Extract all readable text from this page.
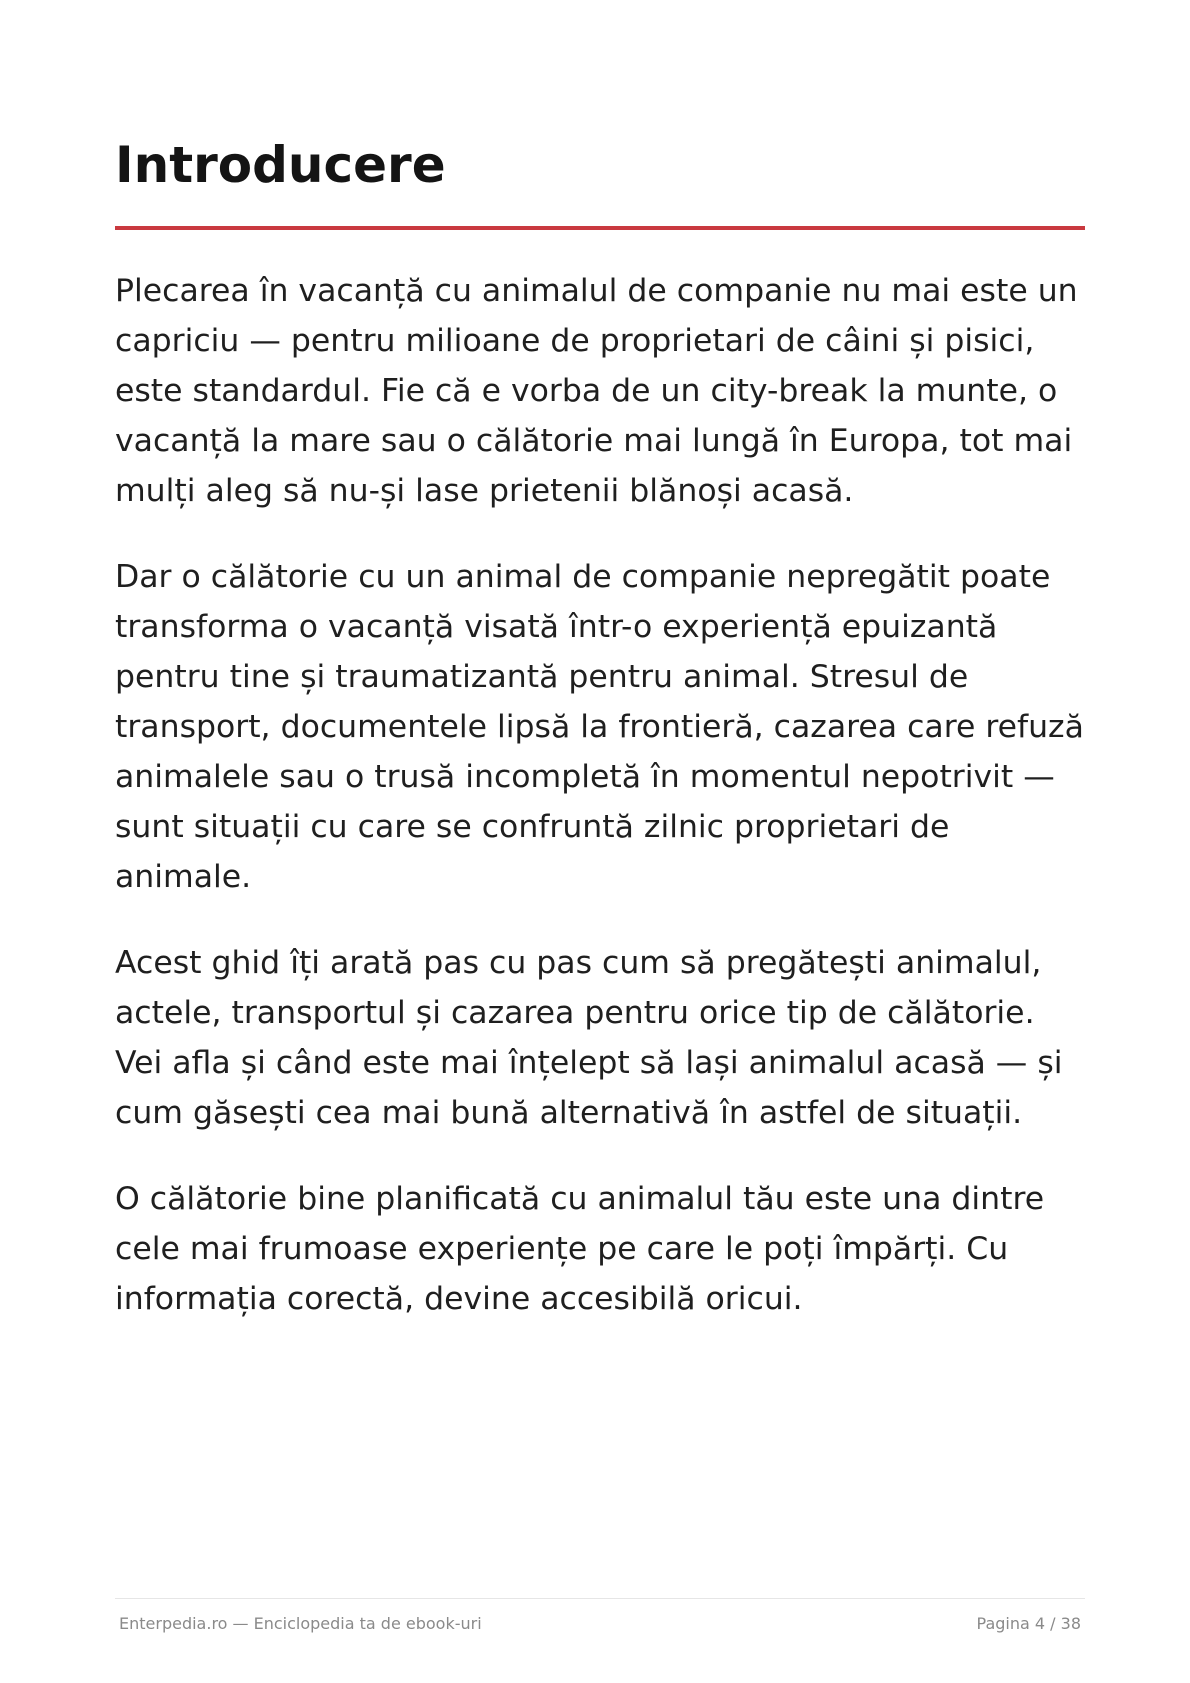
Introducere

Plecarea în vacanță cu animalul de companie nu mai este un capriciu — pentru milioane de proprietari de câini și pisici, este standardul. Fie că e vorba de un city-break la munte, o vacanță la mare sau o călătorie mai lungă în Europa, tot mai mulți aleg să nu-și lase prietenii blănoși acasă.

Dar o călătorie cu un animal de companie nepregătit poate transforma o vacanță visată într-o experiență epuizantă pentru tine și traumatizantă pentru animal. Stresul de transport, documentele lipsă la frontieră, cazarea care refuză animalele sau o trusă incompletă în momentul nepotrivit — sunt situații cu care se confruntă zilnic proprietari de animale.

Acest ghid îți arată pas cu pas cum să pregătești animalul, actele, transportul și cazarea pentru orice tip de călătorie. Vei afla și când este mai înțelept să lași animalul acasă — și cum găsești cea mai bună alternativă în astfel de situații.

O călătorie bine planificată cu animalul tău este una dintre cele mai frumoase experiențe pe care le poți împărți. Cu informația corectă, devine accesibilă oricui.

Enterpedia.ro — Enciclopedia ta de ebook-uri	Pagina 4 / 38
